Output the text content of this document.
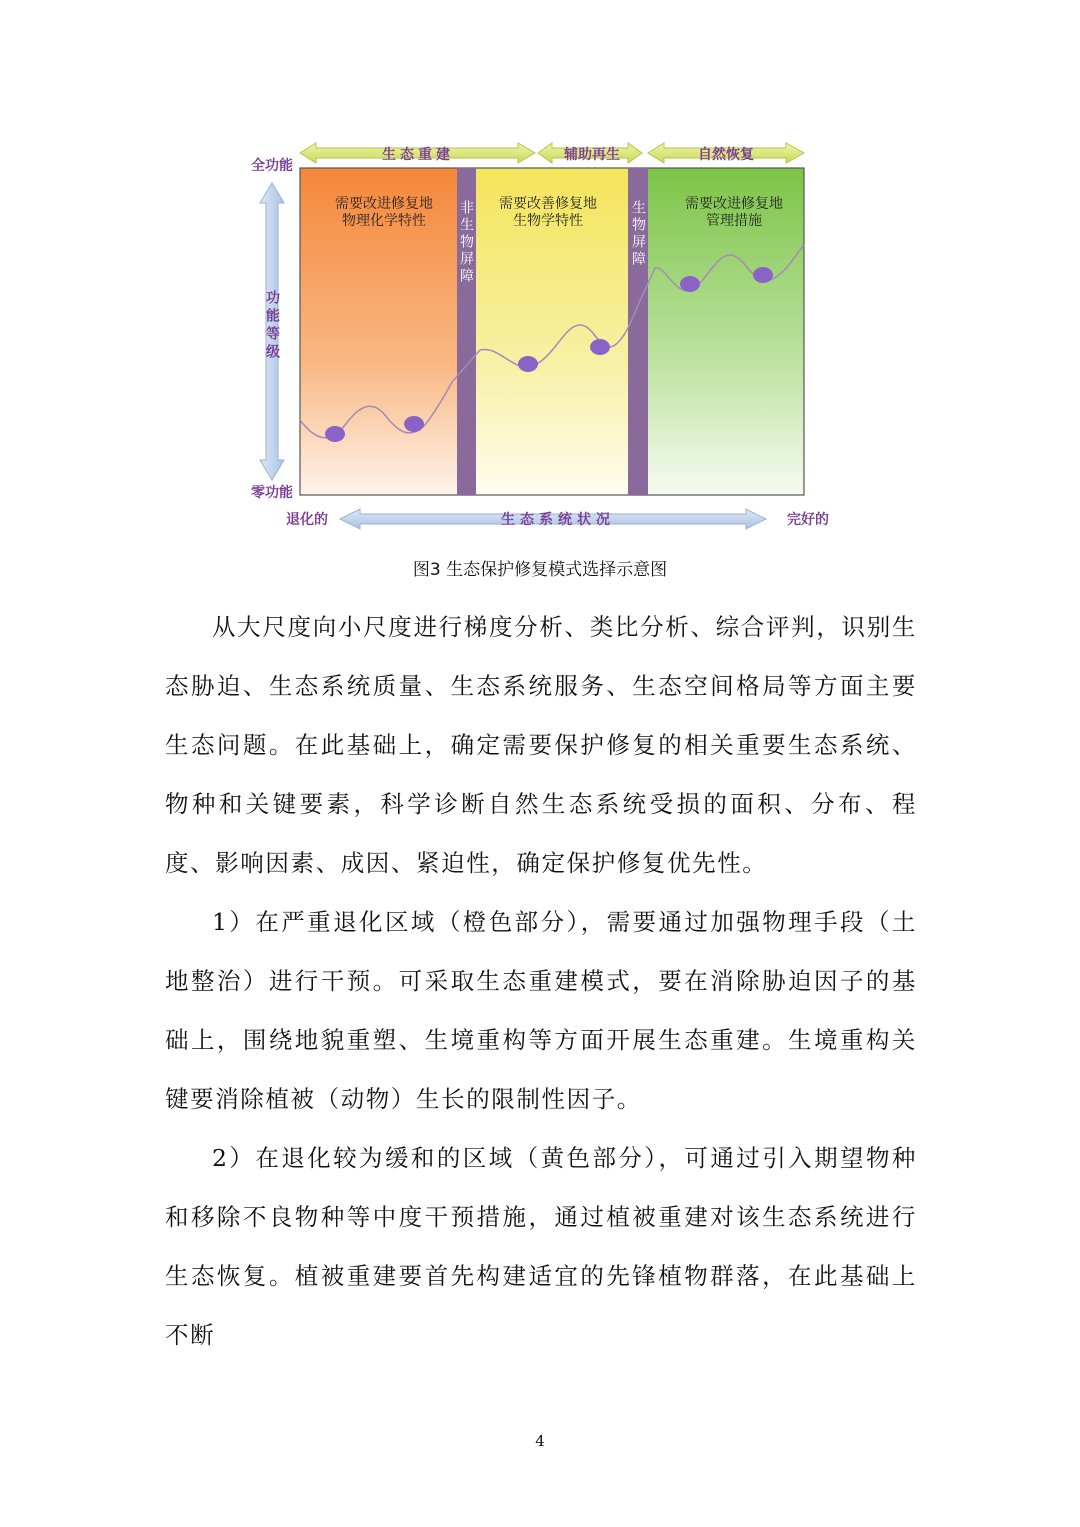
生态重建	辅助再生	自然恢复
非生物屏障	生物屏障
需要改进修复地
物理化学特性
需要改善修复地
生物学特性
需要改进修复地
管理措施
全功能
零功能
功能等级
退化的	生态系统状况	完好的
图3 生态保护修复模式选择示意图

从大尺度向小尺度进行梯度分析、类比分析、综合评判，识别生态胁迫、生态系统质量、生态系统服务、生态空间格局等方面主要生态问题。在此基础上，确定需要保护修复的相关重要生态系统、物种和关键要素，科学诊断自然生态系统受损的面积、分布、程度、影响因素、成因、紧迫性，确定保护修复优先性。

1）在严重退化区域（橙色部分），需要通过加强物理手段（土地整治）进行干预。可采取生态重建模式，要在消除胁迫因子的基础上，围绕地貌重塑、生境重构等方面开展生态重建。生境重构关键要消除植被（动物）生长的限制性因子。

2）在退化较为缓和的区域（黄色部分），可通过引入期望物种和移除不良物种等中度干预措施，通过植被重建对该生态系统进行生态恢复。植被重建要首先构建适宜的先锋植物群落，在此基础上不断

4
